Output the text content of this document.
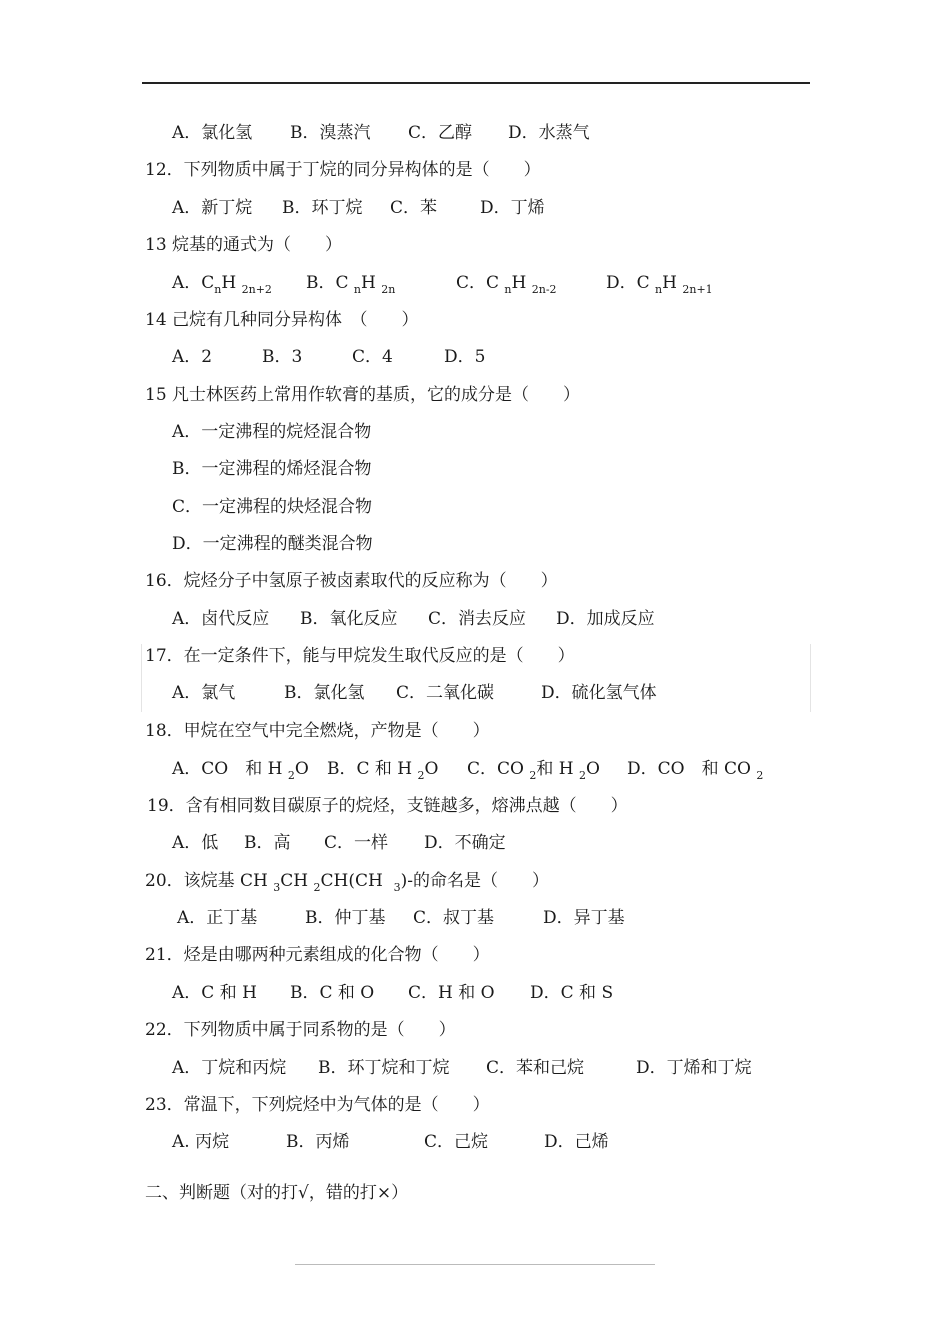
A．氯化氢 B．溴蒸汽 C．乙醇 D．水蒸气
12．下列物质中属于丁烷的同分异构体的是（　　）
A．新丁烷 B．环丁烷 C．苯	D．丁烯
13 烷基的通式为（　　）
A．$C_nH$ $_{2n+2}$ B．C $_n$H $_{2n}$	C．C $_n$H $_{2n-2}$	D．C $_n$H $_{2n+1}$
14 己烷有几种同分异构体　（　　）
A．2	B．3	C．4	D．5
15 凡士林医药上常用作软膏的基质，它的成分是（　　）
A．一定沸程的烷烃混合物
B．一定沸程的烯烃混合物
C．一定沸程的炔烃混合物
D．一定沸程的醚类混合物
16．烷烃分子中氢原子被卤素取代的反应称为（　　）
A．卤代反应 B．氧化反应 C．消去反应 D．加成反应
17．在一定条件下，能与甲烷发生取代反应的是（　　）
A．氯气	B．氯化氢 C．二氧化碳	D．硫化氢气体
18．甲烷在空气中完全燃烧，产物是（　　）
A．CO　和 H $_2$O B．C 和 H $_2$O C．CO $_2$和 H $_2$O D．CO　和 CO $_2$
19．含有相同数目碳原子的烷烃，支链越多，熔沸点越（　　）
A．低 B．高 C．一样 D．不确定
20．该烷基 CH $_3$CH $_2$CH(CH $_3$)-的命名是（　　）
A．正丁基	B．仲丁基 C．叔丁基	D．异丁基
21．烃是由哪两种元素组成的化合物（　　）
A．C 和 H B．C 和 O C．H 和 O D．C 和 S
22．下列物质中属于同系物的是（　　）
A．丁烷和丙烷 B．环丁烷和丁烷 C．苯和己烷	D．丁烯和丁烷
23．常温下，下列烷烃中为气体的是（　　）
A. 丙烷	B．丙烯	C．己烷	D．己烯
二、判断题（对的打√，错的打×）
